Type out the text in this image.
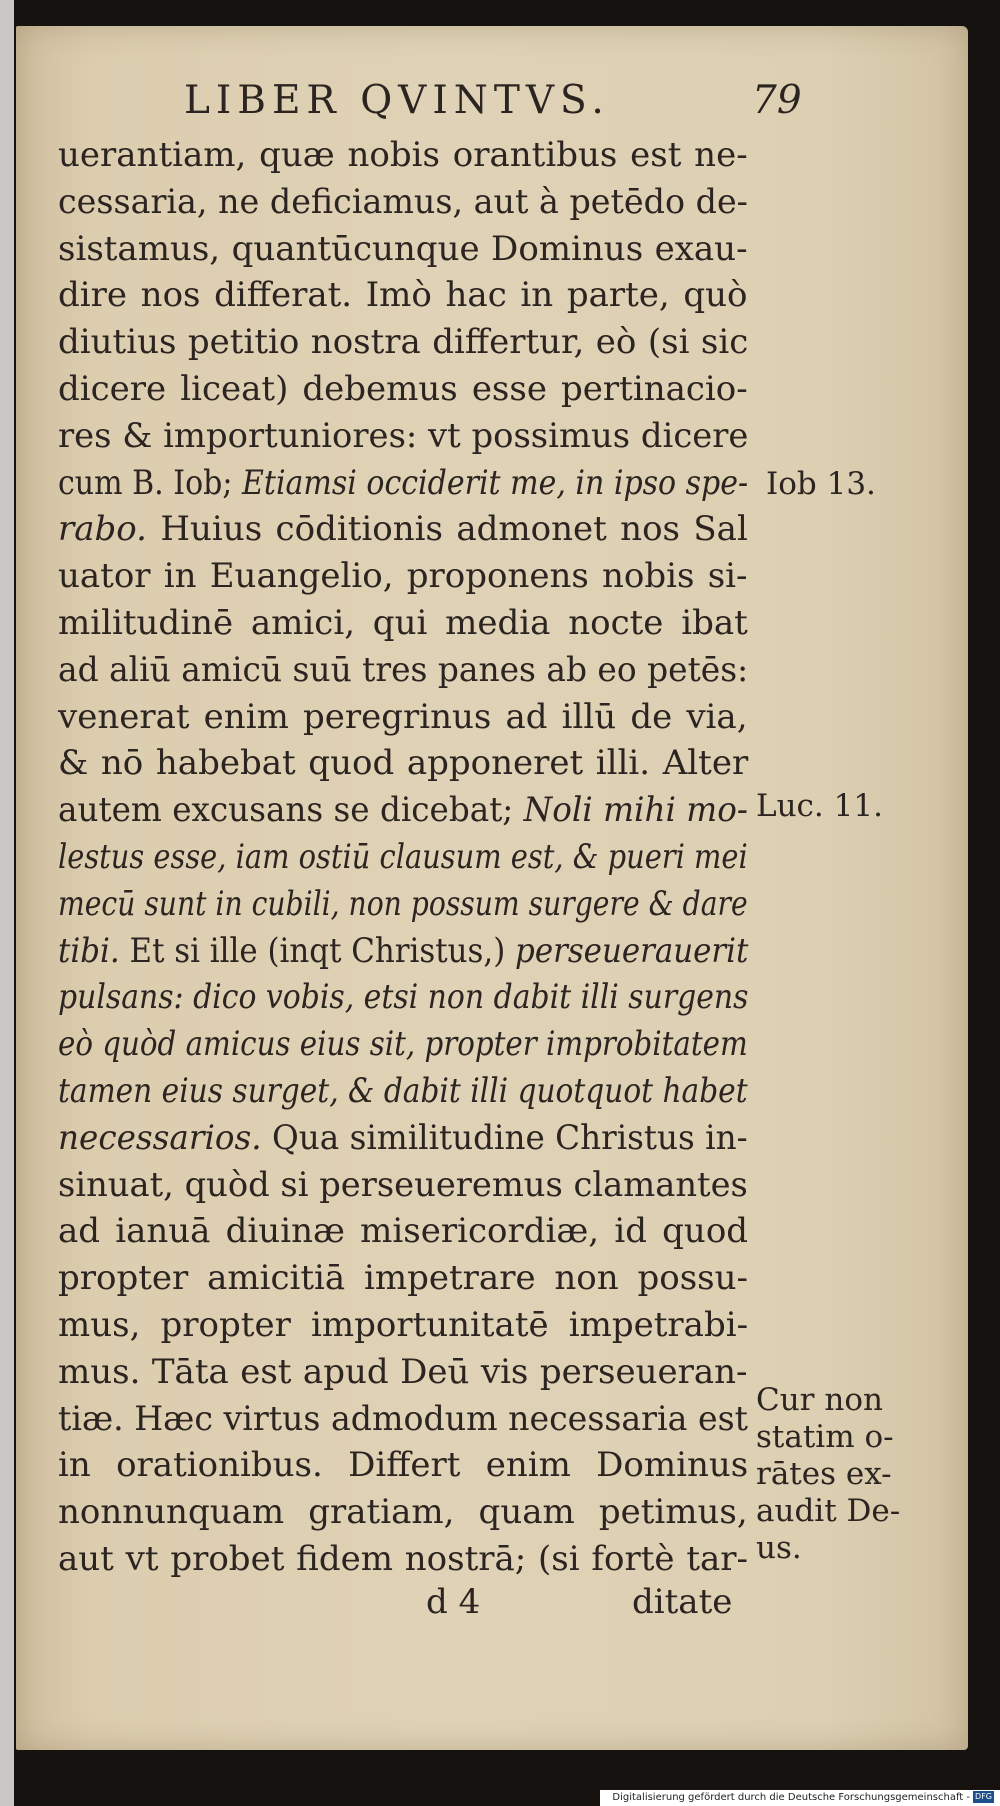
LIBER QVINTVS.	79
uerantiam, quæ nobis orantibus est ne-
cessaria, ne deficiamus, aut à petēdo de-
sistamus, quantūcunque Dominus exau-
dire nos differat. Imò hac in parte, quò
diutius petitio nostra differtur, eò (si sic
dicere liceat) debemus esse pertinacio-
res & importuniores: vt possimus dicere
cum B. Iob; Etiamsi occiderit me, in ipso spe-
rabo. Huius cōditionis admonet nos Sal
uator in Euangelio, proponens nobis si-
militudinē amici, qui media nocte ibat
ad aliū amicū suū tres panes ab eo petēs:
venerat enim peregrinus ad illū de via,
& nō habebat quod apponeret illi. Alter
autem excusans se dicebat; Noli mihi mo-
lestus esse, iam ostiū clausum est, & pueri mei
mecū sunt in cubili, non possum surgere & dare
tibi. Et si ille (inqt Christus,) perseuerauerit
pulsans: dico vobis, etsi non dabit illi surgens
eò quòd amicus eius sit, propter improbitatem
tamen eius surget, & dabit illi quotquot habet
necessarios. Qua similitudine Christus in-
sinuat, quòd si perseueremus clamantes
ad ianuā diuinæ misericordiæ, id quod
propter amicitiā impetrare non possu-
mus, propter importunitatē impetrabi-
mus. Tāta est apud Deū vis perseueran-
tiæ. Hæc virtus admodum necessaria est
in orationibus. Differt enim Dominus
nonnunquam gratiam, quam petimus,
aut vt probet fidem nostrā; (si fortè tar-
Iob 13.
Luc. 11.
Cur non
statim o-
rātes ex-
audit De-
us.
d 4	ditate
Digitalisierung gefördert durch die Deutsche Forschungsgemeinschaft - DFG
